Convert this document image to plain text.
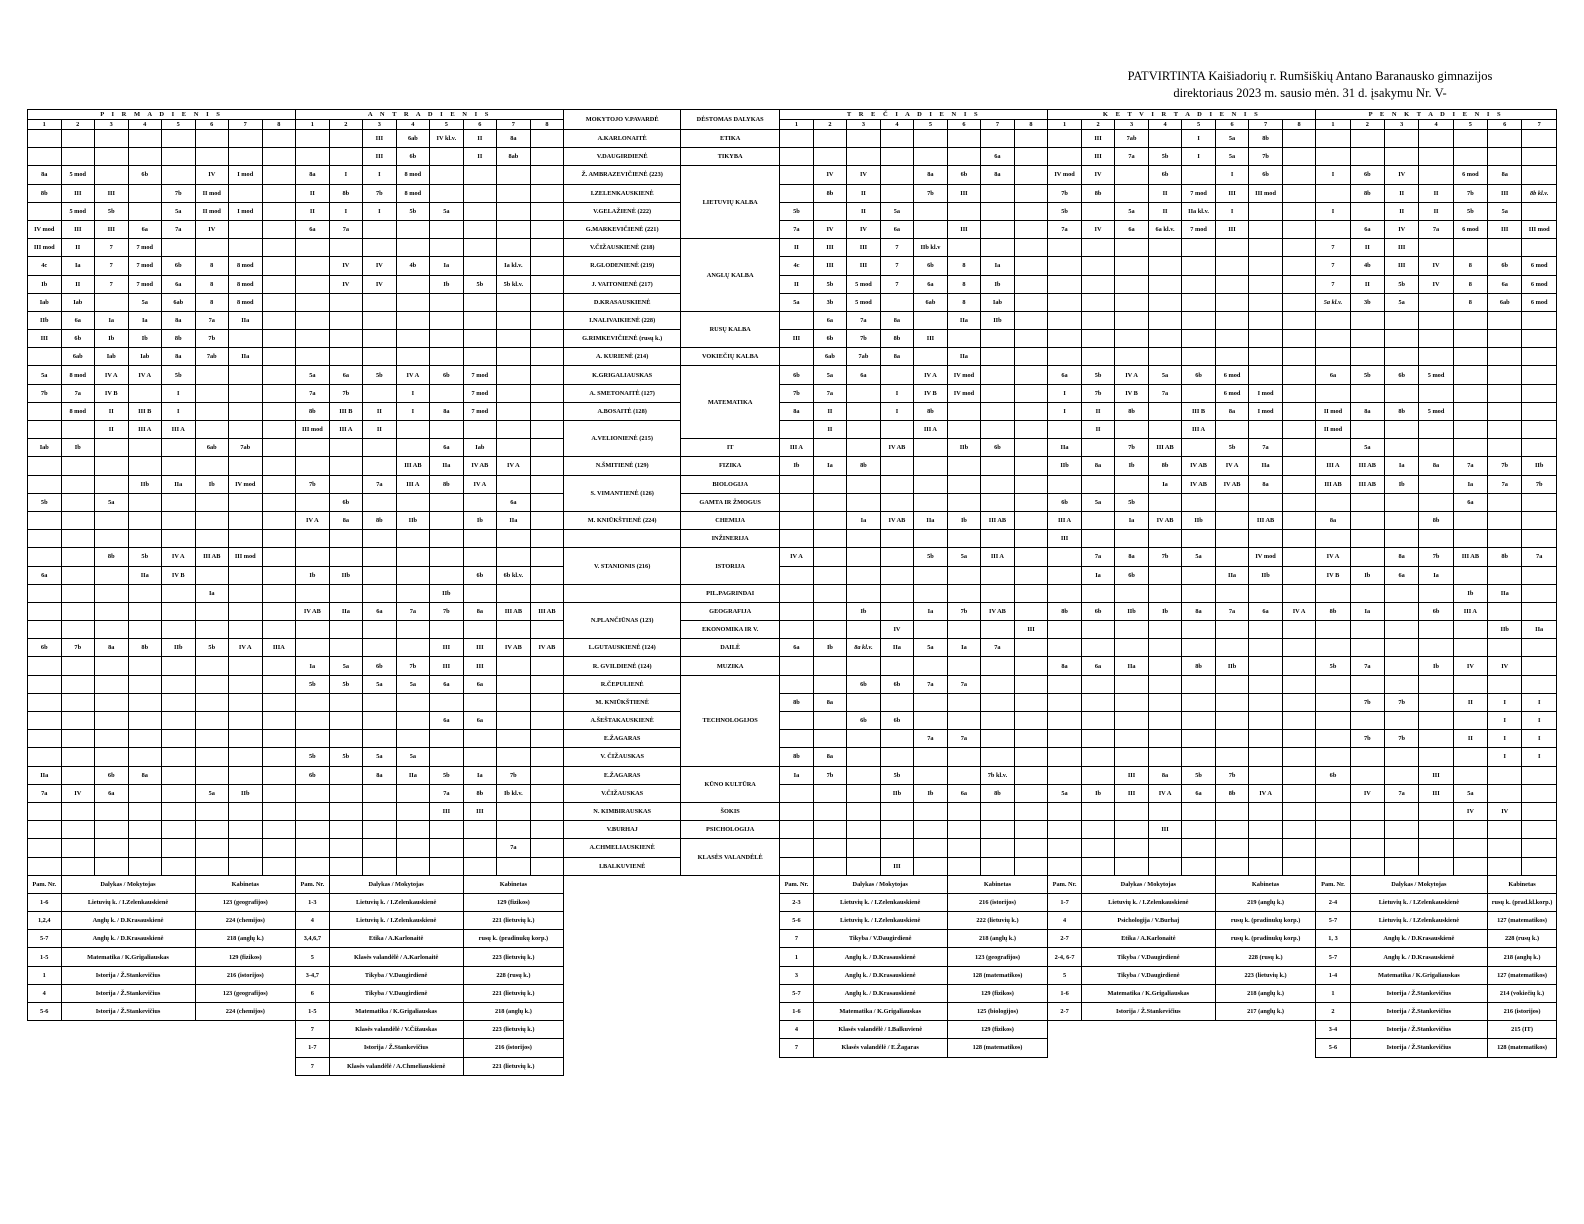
PATVIRTINTA Kaišiadorių r. Rumšiškių Antano Baranausko gimnazijos
direktoriaus 2023 m. sausio mėn. 31 d. įsakymu Nr. V-
P I R M A D I E N I S								A N T R A D I E N I S								MOKYTOJO V.PAVARDĖ	DĖSTOMAS DALYKAS	T R E Č I A D I E N I S								K E T V I R T A D I E N I S								P E N K T A D I E N I S						
1	2	3	4	5	6	7	8	1	2	3	4	5	6	7	8			1	2	3	4	5	6	7	8	1	2	3	4	5	6	7	8	1	2	3	4	5	6	7
										III	6ab	IV kl.v.	II	8a		A.KARLONAITĖ	ETIKA										III	7ab		I	5a	8b								
										III	6b		II	8ab		V.DAUGIRDIENĖ	TIKYBA							6a			III	7a	5b	I	5a	7b								
8a	5 mod		6b		IV	I mod		8a	I	I	8 mod					Ž. AMBRAZEVIČIENĖ (223)	LIETUVIŲ KALBA		IV	IV		8a	6b	8a		IV mod	IV		6b		I	6b		I	6b	IV		6 mod	8a	
8b	III	III		7b	II mod			II	8b	7b	8 mod					I.ZELENKAUSKIENĖ			8b	II		7b	III			7b	8b		II	7 mod	III	III mod			8b	II	II	7b	III	8b kl.v.
	5 mod	5b		5a	II mod	I mod		II	I	I	5b	5a				V.GELAŽIENĖ (222)		5b		II	5a					5b		5a	II	IIa kl.v.	I			I		II	II	5b	5a	
IV mod	III	III	6a	7a	IV			6a	7a							G.MARKEVIČIENĖ (221)		7a	IV	IV	6a		III			7a	IV	6a	6a kl.v.	7 mod	III				6a	IV	7a	6 mod	III	III mod
III mod	II	7	7 mod													V.ČIŽAUSKIENĖ (218)	ANGLŲ KALBA	II	III	III	7	IIb kl.v												7	II	III				
4c	Ia	7	7 mod	6b	8	8 mod			IV	IV	4b	Ia		Ia kl.v.		R.GLODENIENĖ (219)		4c	III	III	7	6b	8	Ia										7	4b	III	IV	8	6b	6 mod
Ib	II	7	7 mod	6a	8	8 mod			IV	IV		Ib	5b	5b kl.v.		J. VAITONIENĖ (217)		II	5b	5 mod	7	6a	8	Ib										7	II	5b	IV	8	6a	6 mod
Iab	Iab		5a	6ab	8	8 mod										D.KRASAUSKIENĖ		5a	3b	5 mod		6ab	8	Iab										5a kl.v.	3b	5a		8	6ab	6 mod
IIb	6a	Ia	Ia	8a	7a	IIa										I.NALIVAIKIENĖ (228)	RUSŲ KALBA		6a	7a	8a		IIa	IIb																
III	6b	Ib	Ib	8b	7b											G.RIMKEVIČIENĖ (rusų k.)		III	6b	7b	8b	III																		
	6ab	Iab	Iab	8a	7ab	IIa										A. KURIENĖ (214)	VOKIEČIŲ KALBA		6ab	7ab	8a		IIa																	
5a	8 mod	IV A	IV A	5b				5a	6a	5b	IV A	6b	7 mod			K.GRIGALIAUSKAS	MATEMATIKA	6b	5a	6a		IV A	IV mod			6a	5b	IV A	5a	6b	6 mod			6a	5b	6b	5 mod			
7b	7a	IV B		I				7a	7b		I		7 mod			A. SMETONAITĖ (127)		7b	7a		I	IV B	IV mod			I	7b	IV B	7a		6 mod	I mod								
	8 mod	II	III B	I				8b	III B	II	I	8a	7 mod			A.BOSAITĖ (128)		8a	II		I	8b				I	II	8b		III B	8a	I mod		II mod	8a	8b	5 mod			
		II	III A	III A				III mod	III A	II						A.VELIONIENĖ (215)			II			III A					II			III A				II mod						
Iab	Ib				6ab	7ab						6a	Iab				IT	III A			IV AB		IIb	6b		IIa		7b	III AB		5b	7a			5a					
											III AB	IIa	IV AB	IV A		N.ŠMITIENĖ (129)	FIZIKA	Ib	Ia	8b						IIb	8a	Ib	8b	IV AB	IV A	IIa		III A	III AB	Ia	8a	7a	7b	IIb
			IIb	IIa	Ib	IV mod		7b		7a	III A	8b	IV A			S. VIMANTIENĖ (126)	BIOLOGIJA												Ia	IV AB	IV AB	8a		III AB	III AB	Ib		Ia	7a	7b
5b		5a							6b					6a			GAMTA IR ŽMOGUS									6b	5a	5b										6a		
								IV A	8a	8b	IIb		Ib	IIa		M. KNIŪKŠTIENĖ (224)	CHEMIJA			Ia	IV AB	IIa	Ib	III AB		III A		Ia	IV AB	IIb		III AB		8a			8b			
																	INŽINERIJA									III														
		8b	5b	IV A	III AB	III mod										V. STANIONIS (216)	ISTORIJA	IV A				5b	5a	III A			7a	8a	7b	5a		IV mod		IV A		8a	7b	III AB	8b	7a
6a			IIa	IV B				Ib	IIb				6b	6b kl.v.													Ia	6b			IIa	IIb		IV B	Ib	6a	Ia			
					Ia							IIb					PIL.PAGRINDAI																					Ib	IIa	
								IV AB	IIa	6a	7a	7b	8a	III AB	III AB	N.PLANČIŪNAS (123)	GEOGRAFIJA			Ib		Ia	7b	IV AB		8b	6b	IIb	Ib	8a	7a	6a	IV A	8b	Ia		6b	III A		
																	EKONOMIKA IR V.				IV				III														IIb	IIa
6b	7b	8a	8b	IIb	5b	IV A	IIIA					III	III	IV AB	IV AB	L.GUTAUSKIENĖ (124)	DAILĖ	6a	Ib	8a kl.v.	IIa	5a	Ia	7a																
								Ia	5a	6b	7b	III	III			R. GVILDIENĖ (124)	MUZIKA									8a	6a	IIa		8b	IIb			5b	7a		Ib	IV	IV	
								5b	5b	5a	5a	6a	6a			R.ČEPULIENĖ	TECHNOLOGIJOS			6b	6b	7a	7a																	
																M. KNIŪKŠTIENĖ		8b	8a																7b	7b		II	I	I
												6a	6a			A.ŠEŠTAKAUSKIENĖ				6b	6b																		I	I
																E.ŽAGARAS						7a	7a												7b	7b		II	I	I
								5b	5b	5a	5a					V. ČIŽAUSKAS		8b	8a																				I	I
IIa		6b	8a					6b		8a	IIa	5b	Ia	7b		E.ŽAGARAS	KŪNO KULTŪRA	Ia	7b		5b			7b kl.v.				III	8a	5b	7b			6b			III			
7a	IV	6a			5a	IIb						7a	8b	Ib kl.v.		V.ČIŽAUSKAS					IIb	Ib	6a	8b		5a	Ib	III	IV A	6a	8b	IV A			IV	7a	III	5a		
												III	III			N. KIMBIRAUSKAS	ŠOKIS																					IV	IV	
																V.BURHAJ	PSICHOLOGIJA												III											
														7a		A.CHMELIAUSKIENĖ	KLASĖS VALANDĖLĖ																							
																I.BALKUVIENĖ					III																			
Pam. Nr.	Dalykas / Mokytojas				Kabinetas			Pam. Nr.	Dalykas / Mokytojas				Kabinetas					Pam. Nr.	Dalykas / Mokytojas				Kabinetas			Pam. Nr.	Dalykas / Mokytojas				Kabinetas			Pam. Nr.	Dalykas / Mokytojas				Kabinetas	
1-6	Lietuvių k. / I.Zelenkauskienė				123 (geografijos)			1-3	Lietuvių k. / I.Zelenkauskienė				129 (fizikos)					2-3	Lietuvių k. / I.Zelenkauskienė				216 (istorijos)			1-7	Lietuvių k. / I.Zelenkauskienė				219 (anglų k.)			2-4	Lietuvių k. / I.Zelenkauskienė				rusų k. (prad.kl.korp.)	
1,2,4	Anglų k. / D.Krasauskienė				224 (chemijos)			4	Lietuvių k. / I.Zelenkauskienė				221 (lietuvių k.)					5-6	Lietuvių k. / I.Zelenkauskienė				222 (lietuvių k.)			4	Psichologija / V.Burhaj				rusų k. (pradinukų korp.)			5-7	Lietuvių k. / I.Zelenkauskienė				127 (matematikos)	
5-7	Anglų k. / D.Krasauskienė				218 (anglų k.)			3,4,6,7	Etika / A.Karlonaitė				rusų k. (pradinukų korp.)					7	Tikyba / V.Daugirdienė				218 (anglų k.)			2-7	Etika / A.Karlonaitė				rusų k. (pradinukų korp.)			1, 3	Anglų k. / D.Krasauskienė				228 (rusų k.)	
1-5	Matematika / K.Grigaliauskas				129 (fizikos)			5	Klasės valandėlė / A.Karlonaitė				223 (lietuvių k.)					1	Anglų k. / D.Krasauskienė				123 (geografijos)			2-4, 6-7	Tikyba / V.Daugirdienė				228 (rusų k.)			5-7	Anglų k. / D.Krasauskienė				218 (anglų k.)	
1	Istorija / Ž.Stankevičius				216 (istorijos)			3-4,7	Tikyba / V.Daugirdienė				228 (rusų k.)					3	Anglų k. / D.Krasauskienė				128 (matematikos)			5	Tikyba / V.Daugirdienė				223 (lietuvių k.)			1-4	Matematika / K.Grigaliauskas				127 (matematikos)	
4	Istorija / Ž.Stankevičius				123 (geografijos)			6	Tikyba / V.Daugirdienė				221 (lietuvių k.)					5-7	Anglų k. / D.Krasauskienė				129 (fizikos)			1-6	Matematika / K.Grigaliauskas				218 (anglų k.)			1	Istorija / Ž.Stankevičius				214 (vokiečių k.)	
5-6	Istorija / Ž.Stankevičius				224 (chemijos)			1-5	Matematika / K.Grigaliauskas				218 (anglų k.)					1-6	Matematika / K.Grigaliauskas				125 (biologijos)			2-7	Istorija / Ž.Stankevičius				217 (anglų k.)			2	Istorija / Ž.Stankevičius				216 (istorijos)	
								7	Klasės valandėlė / V.Čižauskas				223 (lietuvių k.)					4	Klasės valandėlė / I.Balkuvienė				129 (fizikos)											3-4	Istorija / Ž.Stankevičius				215 (IT)	
								1-7	Istorija / Ž.Stankevičius				216 (istorijos)					7	Klasės valandėlė / E.Žagaras				128 (matematikos)											5-6	Istorija / Ž.Stankevičius				128 (matematikos)	
								7	Klasės valandėlė / A.Chmeliauskienė				221 (lietuvių k.)																											
